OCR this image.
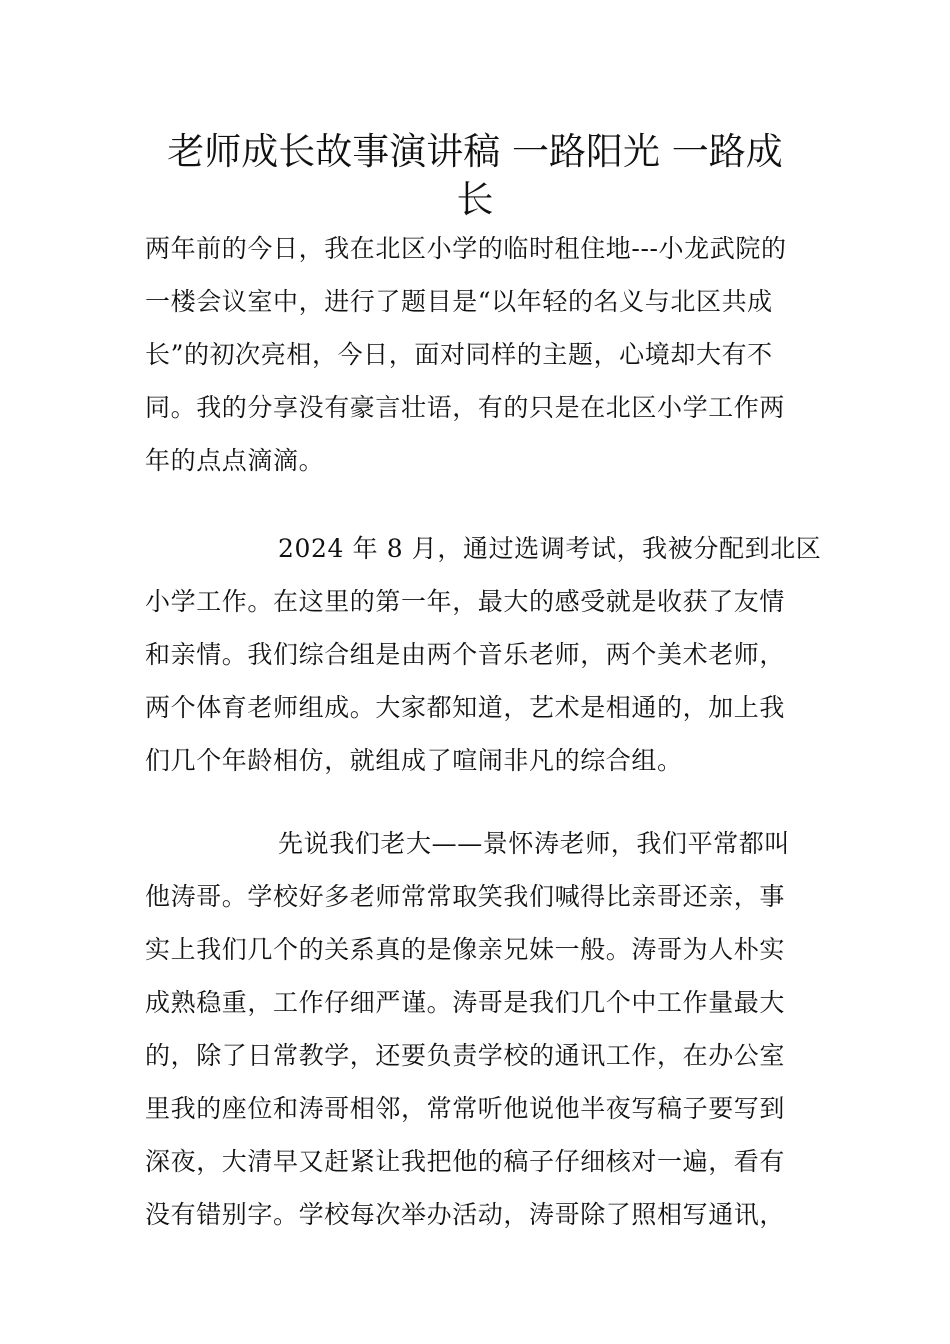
老师成长故事演讲稿 一路阳光 一路成
长
两年前的今日，我在北区小学的临时租住地---小龙武院的
一楼会议室中，进行了题目是“以年轻的名义与北区共成
长”的初次亮相，今日，面对同样的主题，心境却大有不
同。我的分享没有豪言壮语，有的只是在北区小学工作两
年的点点滴滴。
2024 年 8 月，通过选调考试，我被分配到北区
小学工作。在这里的第一年，最大的感受就是收获了友情
和亲情。我们综合组是由两个音乐老师，两个美术老师，
两个体育老师组成。大家都知道，艺术是相通的，加上我
们几个年龄相仿，就组成了喧闹非凡的综合组。
先说我们老大——景怀涛老师，我们平常都叫
他涛哥。学校好多老师常常取笑我们喊得比亲哥还亲，事
实上我们几个的关系真的是像亲兄妹一般。涛哥为人朴实
成熟稳重，工作仔细严谨。涛哥是我们几个中工作量最大
的，除了日常教学，还要负责学校的通讯工作，在办公室
里我的座位和涛哥相邻，常常听他说他半夜写稿子要写到
深夜，大清早又赶紧让我把他的稿子仔细核对一遍，看有
没有错别字。学校每次举办活动，涛哥除了照相写通讯，
